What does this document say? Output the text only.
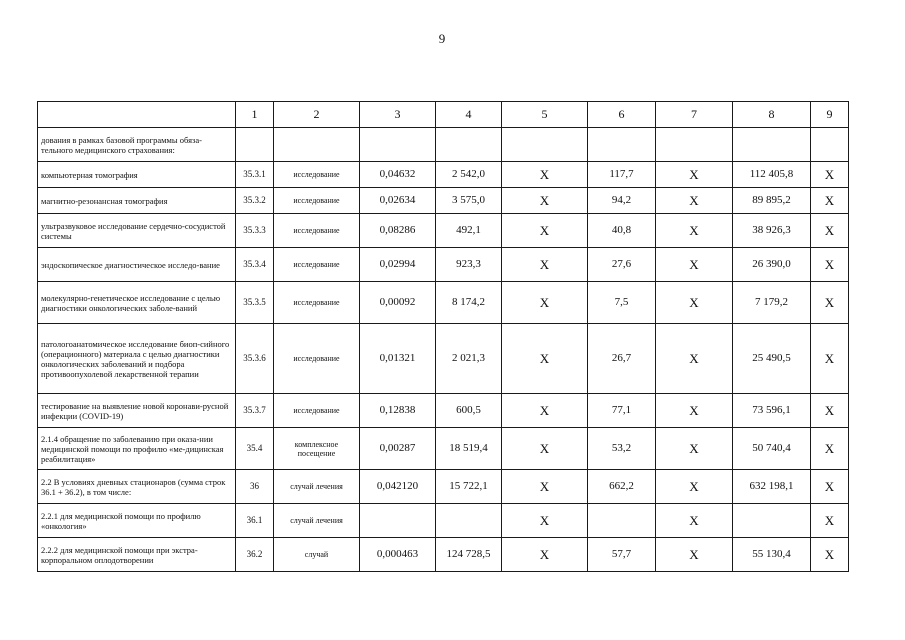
9
	1	2	3	4	5	6	7	8	9
дования в рамках базовой программы обяза-тельного медицинского страхования:									
компьютерная томография	35.3.1	исследование	0,04632	2 542,0	X	117,7	X	112 405,8	X
магнитно-резонансная томография	35.3.2	исследование	0,02634	3 575,0	X	94,2	X	89 895,2	X
ультразвуковое исследование сердечно-сосудистой системы	35.3.3	исследование	0,08286	492,1	X	40,8	X	38 926,3	X
эндоскопическое диагностическое исследо-вание	35.3.4	исследование	0,02994	923,3	X	27,6	X	26 390,0	X
молекулярно-генетическое исследование с целью диагностики онкологических заболе-ваний	35.3.5	исследование	0,00092	8 174,2	X	7,5	X	7 179,2	X
патологоанатомическое исследование биоп-сийного (операционного) материала с целью диагностики онкологических заболеваний и подбора противоопухолевой лекарственной терапии	35.3.6	исследование	0,01321	2 021,3	X	26,7	X	25 490,5	X
тестирование на выявление новой коронави-русной инфекции (COVID-19)	35.3.7	исследование	0,12838	600,5	X	77,1	X	73 596,1	X
2.1.4 обращение по заболеванию при оказа-нии медицинской помощи по профилю «ме-дицинская реабилитация»	35.4	комплексное посещение	0,00287	18 519,4	X	53,2	X	50 740,4	X
2.2 В условиях дневных стационаров (сумма строк 36.1 + 36.2), в том числе:	36	случай лечения	0,042120	15 722,1	X	662,2	X	632 198,1	X
2.2.1 для медицинской помощи по профилю «онкология»	36.1	случай лечения			X		X		X
2.2.2 для медицинской помощи при экстра-корпоральном оплодотворении	36.2	случай	0,000463	124 728,5	X	57,7	X	55 130,4	X
